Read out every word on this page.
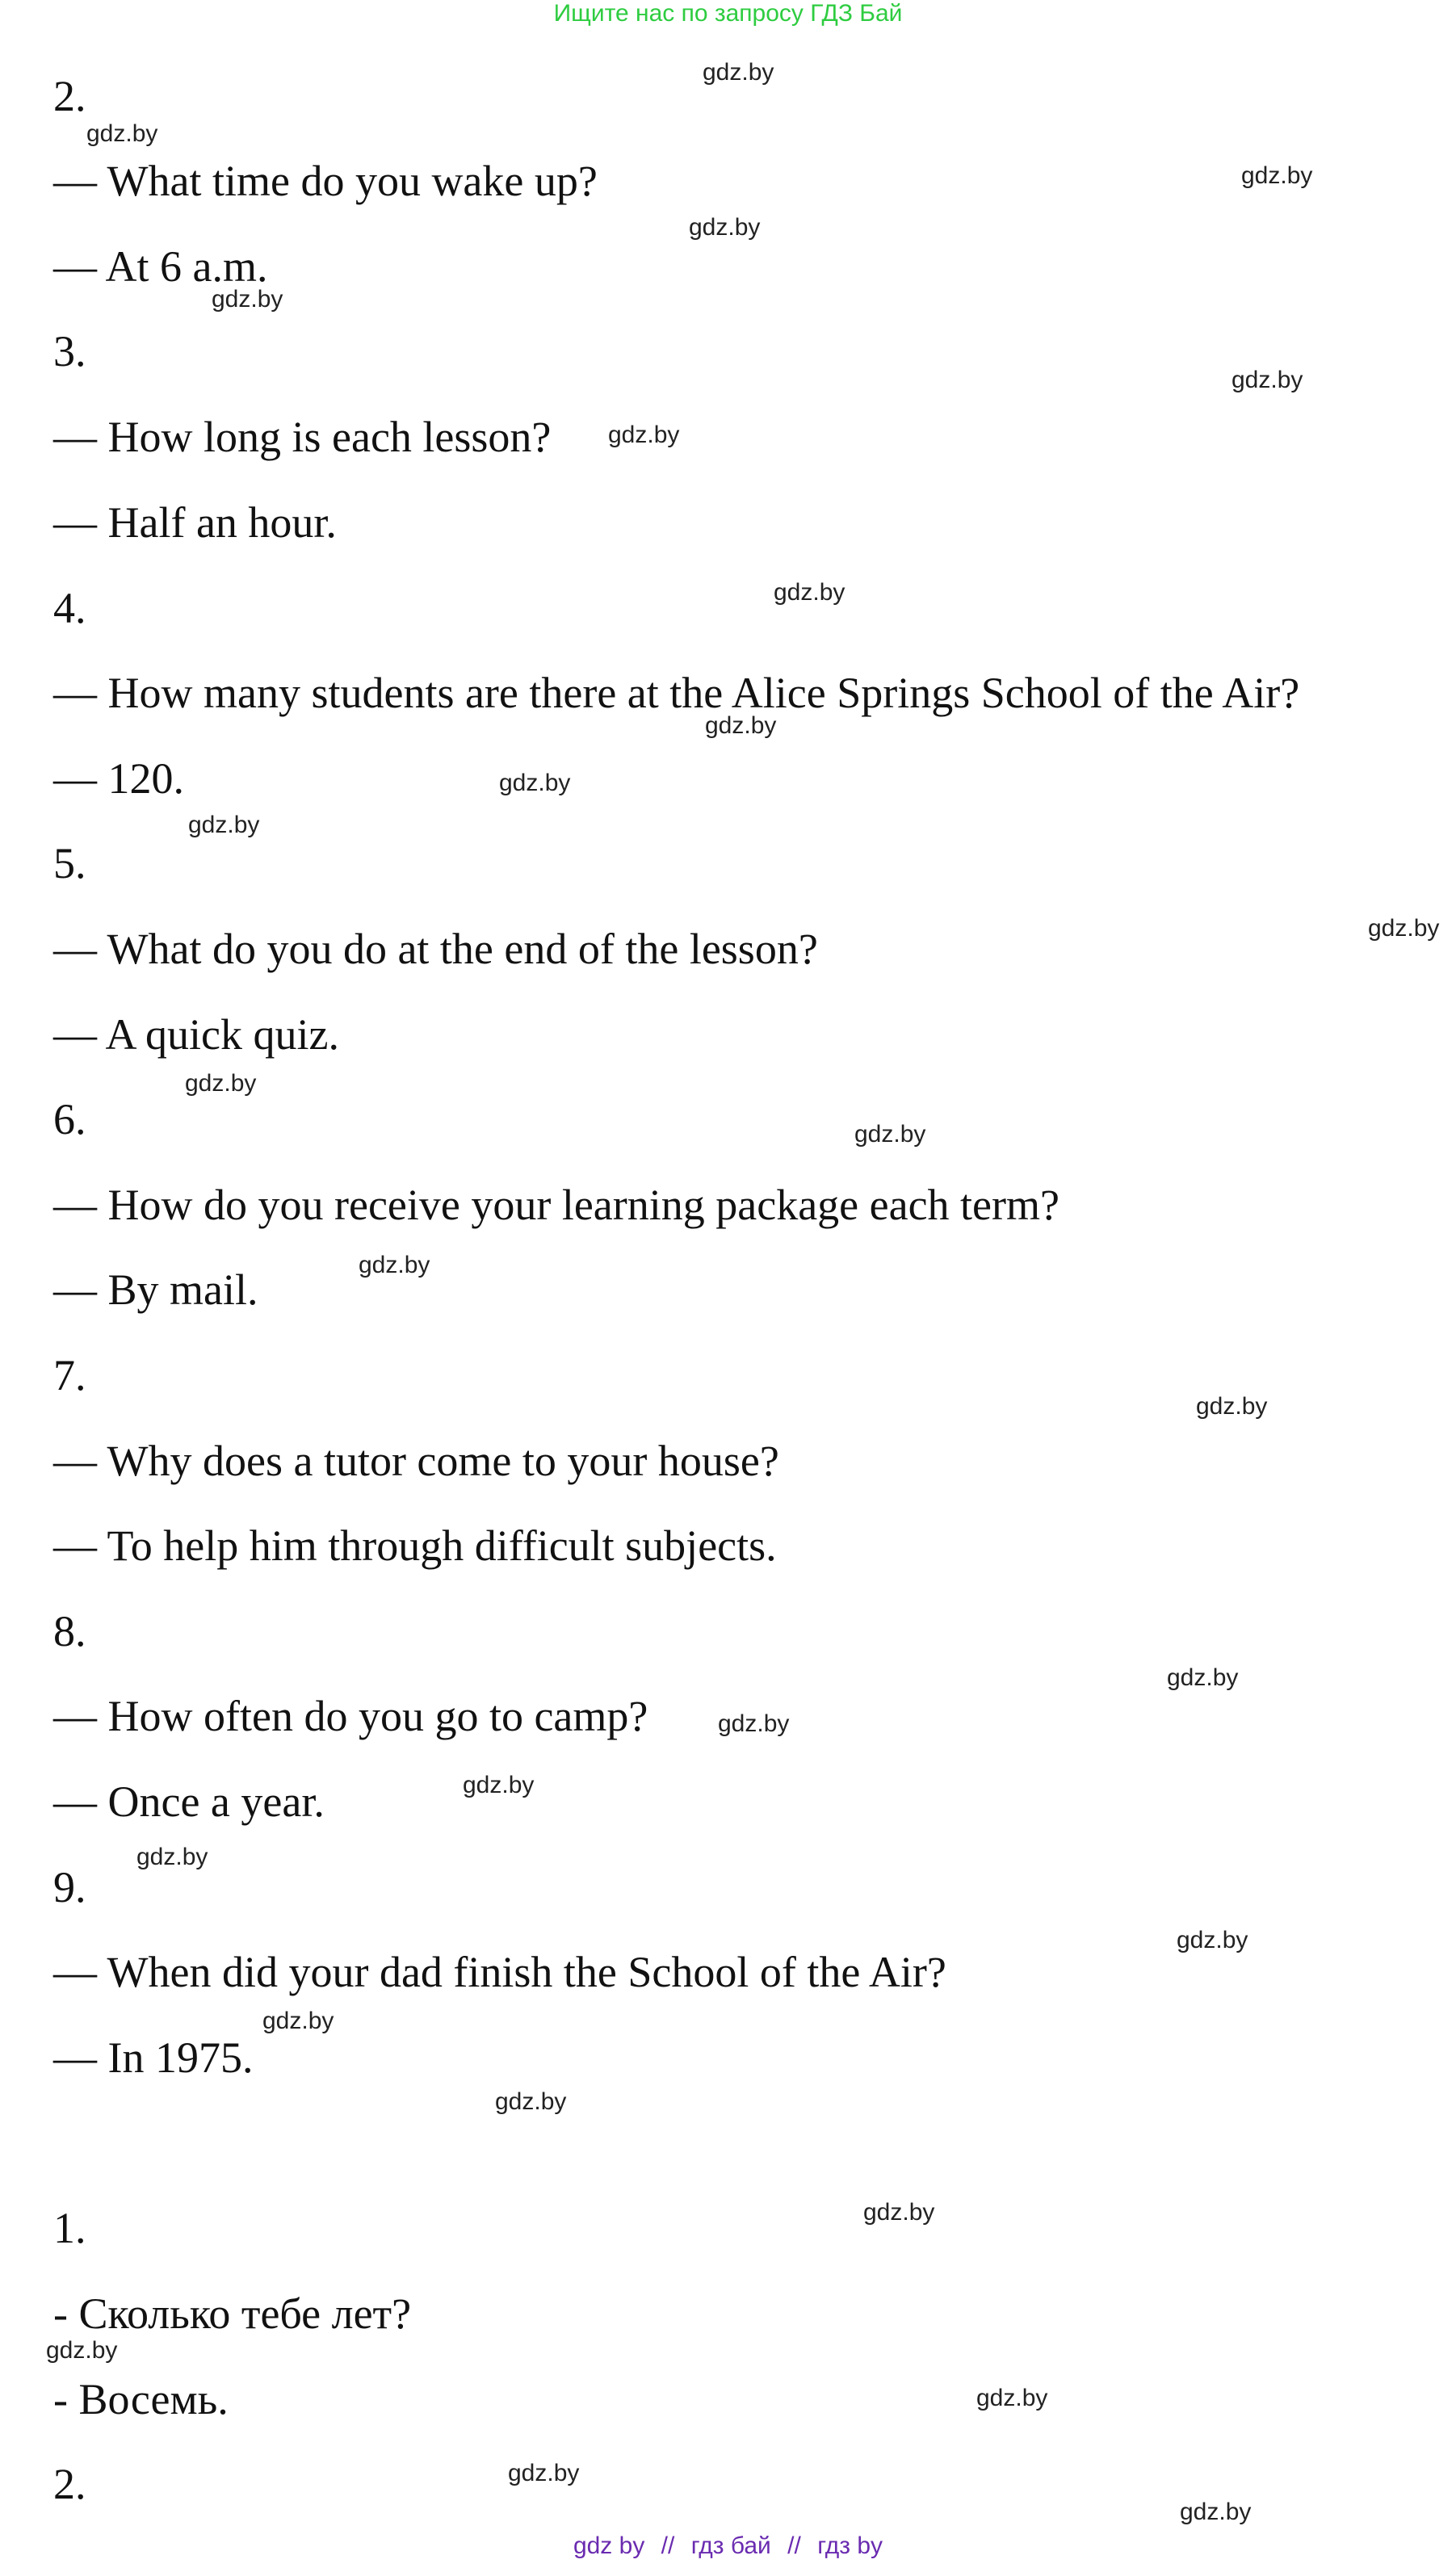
Ищите нас по запросу ГДЗ Бай
2.
— What time do you wake up?
— At 6 a.m.
3.
— How long is each lesson?
— Half an hour.
4.
— How many students are there at the Alice Springs School of the Air?
— 120.
5.
— What do you do at the end of the lesson?
— A quick quiz.
6.
— How do you receive your learning package each term?
— By mail.
7.
— Why does a tutor come to your house?
— To help him through difficult subjects.
8.
— How often do you go to camp?
— Once a year.
9.
— When did your dad finish the School of the Air?
— In 1975.
1.
- Сколько тебе лет?
- Восемь.
2.
gdz.by
gdz.by
gdz.by
gdz.by
gdz.by
gdz.by
gdz.by
gdz.by
gdz.by
gdz.by
gdz.by
gdz.by
gdz.by
gdz.by
gdz.by
gdz.by
gdz.by
gdz.by
gdz.by
gdz.by
gdz.by
gdz.by
gdz.by
gdz.by
gdz.by
gdz.by
gdz.by
gdz.by
gdz by // гдз бай // гдз by
